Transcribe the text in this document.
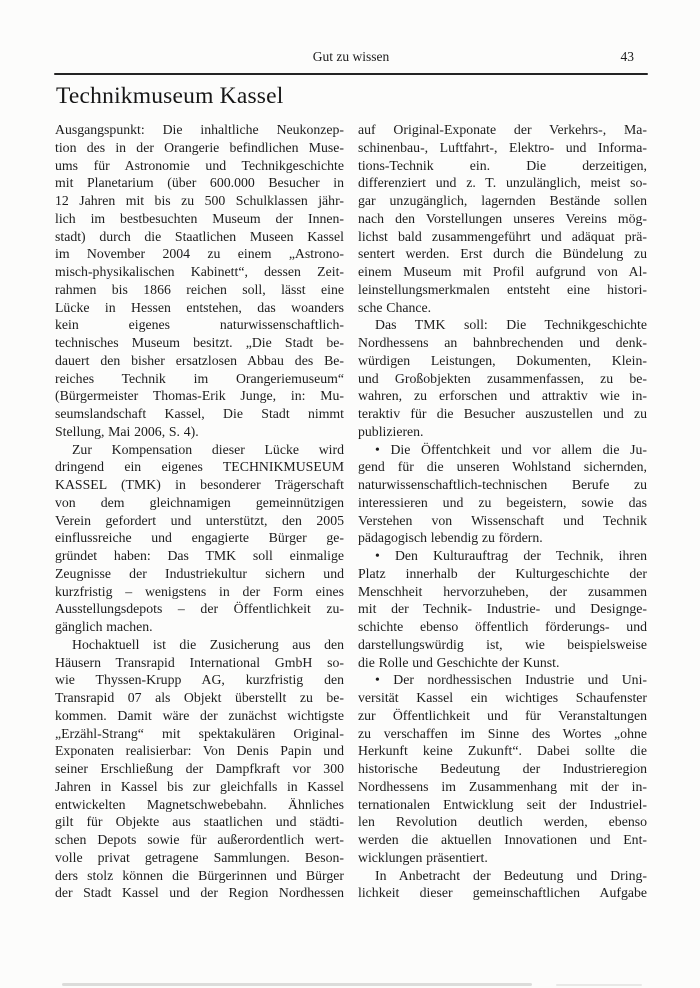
Gut zu wissen	43
Technikmuseum Kassel
Ausgangspunkt: Die inhaltliche Neukonzep-
tion des in der Orangerie befindlichen Muse-
ums für Astronomie und Technikgeschichte
mit Planetarium (über 600.000 Besucher in
12 Jahren mit bis zu 500 Schulklassen jähr-
lich im bestbesuchten Museum der Innen-
stadt) durch die Staatlichen Museen Kassel
im November 2004 zu einem „Astrono-
misch-physikalischen Kabinett“, dessen Zeit-
rahmen bis 1866 reichen soll, lässt eine
Lücke in Hessen entstehen, das woanders
kein eigenes naturwissenschaftlich-
technisches Museum besitzt. „Die Stadt be-
dauert den bisher ersatzlosen Abbau des Be-
reiches Technik im Orangeriemuseum“
(Bürgermeister Thomas-Erik Junge, in: Mu-
seumslandschaft Kassel, Die Stadt nimmt
Stellung, Mai 2006, S. 4).
Zur Kompensation dieser Lücke wird
dringend ein eigenes TECHNIKMUSEUM
KASSEL (TMK) in besonderer Trägerschaft
von dem gleichnamigen gemeinnützigen
Verein gefordert und unterstützt, den 2005
einflussreiche und engagierte Bürger ge-
gründet haben: Das TMK soll einmalige
Zeugnisse der Industriekultur sichern und
kurzfristig – wenigstens in der Form eines
Ausstellungsdepots – der Öffentlichkeit zu-
gänglich machen.
Hochaktuell ist die Zusicherung aus den
Häusern Transrapid International GmbH so-
wie Thyssen-Krupp AG, kurzfristig den
Transrapid 07 als Objekt überstellt zu be-
kommen. Damit wäre der zunächst wichtigste
„Erzähl-Strang“ mit spektakulären Original-
Exponaten realisierbar: Von Denis Papin und
seiner Erschließung der Dampfkraft vor 300
Jahren in Kassel bis zur gleichfalls in Kassel
entwickelten Magnetschwebebahn. Ähnliches
gilt für Objekte aus staatlichen und städti-
schen Depots sowie für außerordentlich wert-
volle privat getragene Sammlungen. Beson-
ders stolz können die Bürgerinnen und Bürger
der Stadt Kassel und der Region Nordhessen
auf Original-Exponate der Verkehrs-, Ma-
schinenbau-, Luftfahrt-, Elektro- und Informa-
tions-Technik ein. Die derzeitigen,
differenziert und z. T. unzulänglich, meist so-
gar unzugänglich, lagernden Bestände sollen
nach den Vorstellungen unseres Vereins mög-
lichst bald zusammengeführt und adäquat prä-
sentert werden. Erst durch die Bündelung zu
einem Museum mit Profil aufgrund von Al-
leinstellungsmerkmalen entsteht eine histori-
sche Chance.
Das TMK soll: Die Technikgeschichte
Nordhessens an bahnbrechenden und denk-
würdigen Leistungen, Dokumenten, Klein-
und Großobjekten zusammenfassen, zu be-
wahren, zu erforschen und attraktiv wie in-
teraktiv für die Besucher auszustellen und zu
publizieren.
• Die Öffentchkeit und vor allem die Ju-
gend für die unseren Wohlstand sichernden,
naturwissenschaftlich-technischen Berufe zu
interessieren und zu begeistern, sowie das
Verstehen von Wissenschaft und Technik
pädagogisch lebendig zu fördern.
• Den Kulturauftrag der Technik, ihren
Platz innerhalb der Kulturgeschichte der
Menschheit hervorzuheben, der zusammen
mit der Technik- Industrie- und Designge-
schichte ebenso öffentlich förderungs- und
darstellungswürdig ist, wie beispielsweise
die Rolle und Geschichte der Kunst.
• Der nordhessischen Industrie und Uni-
versität Kassel ein wichtiges Schaufenster
zur Öffentlichkeit und für Veranstaltungen
zu verschaffen im Sinne des Wortes „ohne
Herkunft keine Zukunft“. Dabei sollte die
historische Bedeutung der Industrieregion
Nordhessens im Zusammenhang mit der in-
ternationalen Entwicklung seit der Industriel-
len Revolution deutlich werden, ebenso
werden die aktuellen Innovationen und Ent-
wicklungen präsentiert.
In Anbetracht der Bedeutung und Dring-
lichkeit dieser gemeinschaftlichen Aufgabe
